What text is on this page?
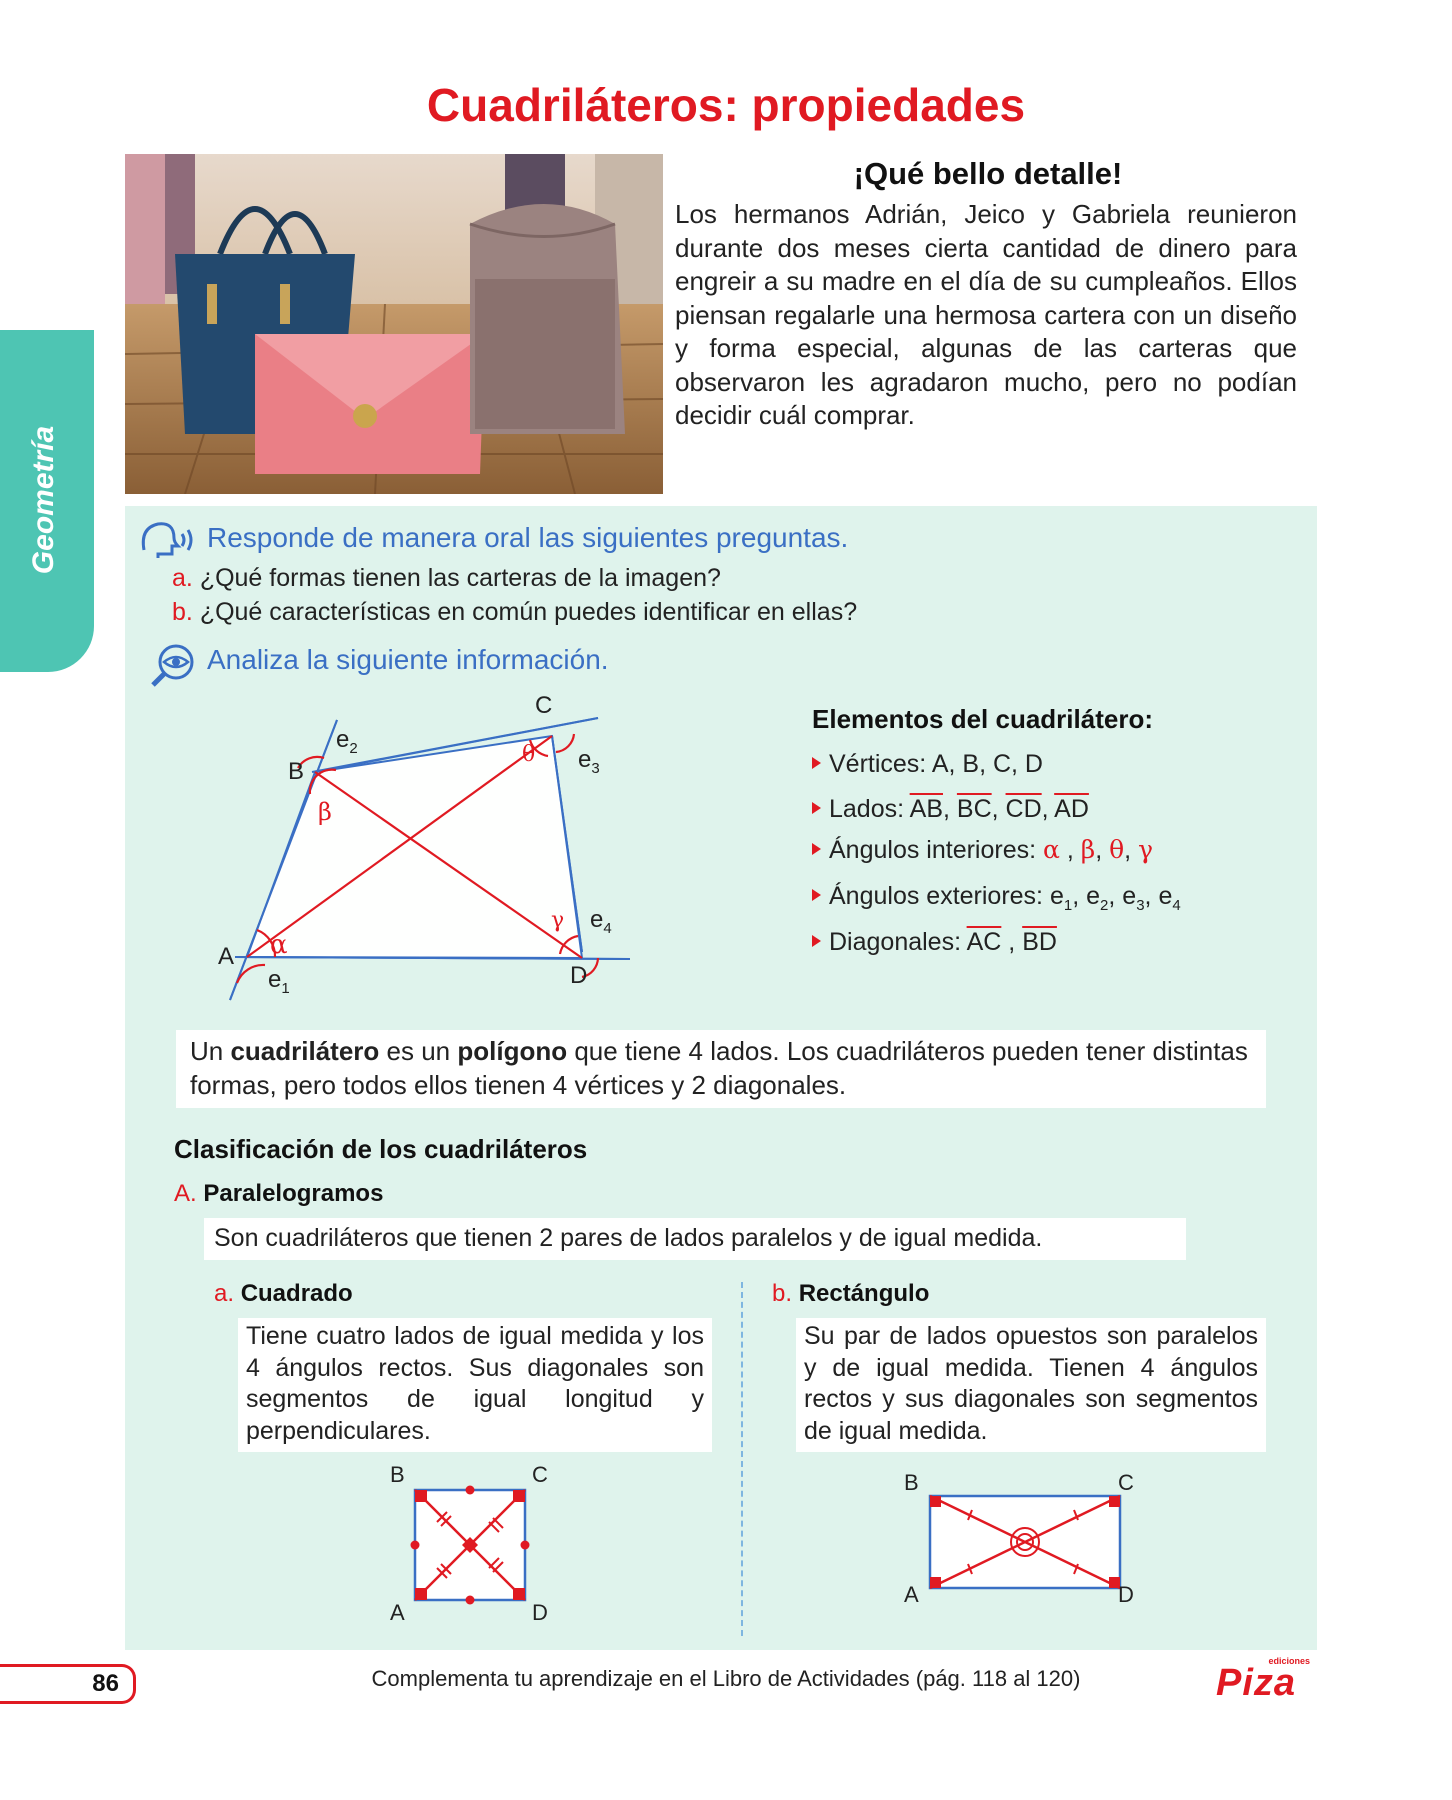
Cuadriláteros: propiedades
Geometría
¡Qué bello detalle!
Los hermanos Adrián, Jeico y Gabriela reunieron durante dos meses cierta cantidad de dinero para engreir a su madre en el día de su cumpleaños. Ellos piensan regalarle una hermosa cartera con un diseño y forma especial, algunas de las carteras que observaron les agradaron mucho, pero no podían decidir cuál comprar.
Responde de manera oral las siguientes preguntas.
a. ¿Qué formas tienen las carteras de la imagen?
b. ¿Qué características en común puedes identificar en ellas?
Analiza la siguiente información.
A
B
C
D
α
β
θ
γ
$e_1$
$e_2$	$e_3$
$e_4$
Elementos del cuadrilátero:
Vértices: A, B, C, D
Lados: $\overline{AB}$, $\overline{BC}$, $\overline{CD}$, $\overline{AD}$
Ángulos interiores: α , β, θ, γ
Ángulos exteriores: $e_1$, $e_2$, $e_3$, $e_4$
Diagonales: $\overline{AC}$ , $\overline{BD}$
Un cuadrilátero es un polígono que tiene 4 lados. Los cuadriláteros pueden tener distintas formas, pero todos ellos tienen 4 vértices y 2 diagonales.
Clasificación de los cuadriláteros
A. Paralelogramos
Son cuadriláteros que tienen 2 pares de lados paralelos y de igual medida.
a. Cuadrado
Tiene cuatro lados de igual medida y los 4 ángulos rectos. Sus diagonales son segmentos de igual longitud y perpendiculares.
b. Rectángulo
Su par de lados opuestos son paralelos y de igual medida. Tienen 4 ángulos rectos y sus diagonales son segmentos de igual medida.
B	C
A	D
B	C
A	D
86	Complementa tu aprendizaje en el Libro de Actividades (pág. 118 al 120)
ediciones
Piza
